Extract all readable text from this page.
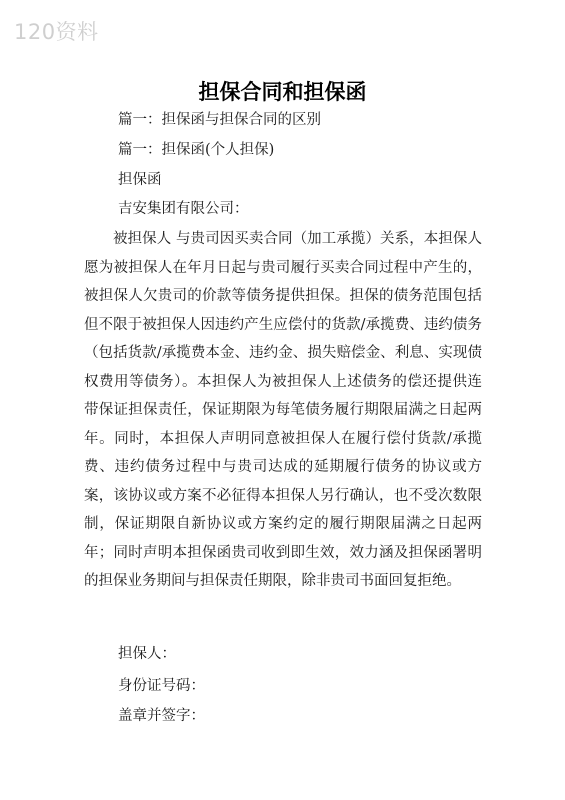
120资料
担保合同和担保函
篇一：担保函与担保合同的区别
篇一：担保函(个人担保)
担保函
吉安集团有限公司：
被担保人 与贵司因买卖合同（加工承揽）关系，本担保人愿为被担保人在年月日起与贵司履行买卖合同过程中产生的，被担保人欠贵司的价款等债务提供担保。担保的债务范围包括但不限于被担保人因违约产生应偿付的货款/承揽费、违约债务（包括货款/承揽费本金、违约金、损失赔偿金、利息、实现债权费用等债务）。本担保人为被担保人上述债务的偿还提供连带保证担保责任，保证期限为每笔债务履行期限届满之日起两年。同时，本担保人声明同意被担保人在履行偿付货款/承揽费、违约债务过程中与贵司达成的延期履行债务的协议或方案，该协议或方案不必征得本担保人另行确认，也不受次数限制，保证期限自新协议或方案约定的履行期限届满之日起两年；同时声明本担保函贵司收到即生效，效力涵及担保函署明的担保业务期间与担保责任期限，除非贵司书面回复拒绝。
担保人：
身份证号码：
盖章并签字：
